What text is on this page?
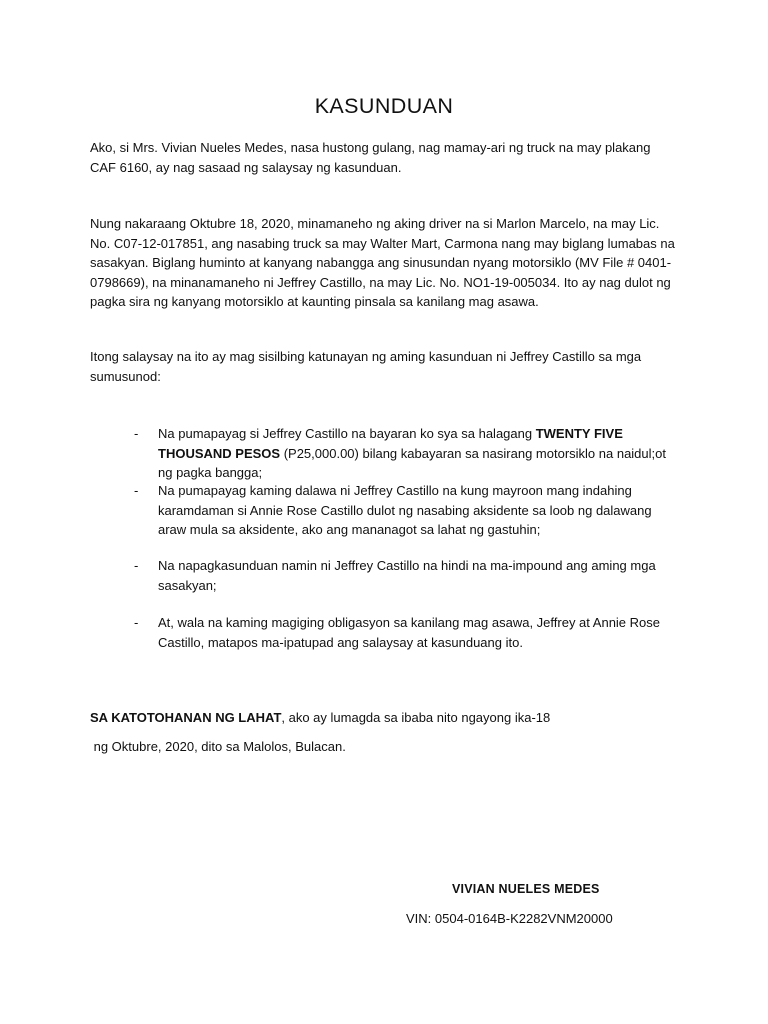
KASUNDUAN
Ako, si Mrs. Vivian Nueles Medes, nasa hustong gulang, nag mamay-ari ng truck na may plakang CAF 6160, ay nag sasaad ng salaysay ng kasunduan.
Nung nakaraang Oktubre 18, 2020, minamaneho ng aking driver na si Marlon Marcelo, na may Lic. No. C07-12-017851, ang nasabing truck sa may Walter Mart, Carmona nang may biglang lumabas na sasakyan. Biglang huminto at kanyang nabangga ang sinusundan nyang motorsiklo (MV File # 0401-0798669), na minanamaneho ni Jeffrey Castillo, na may Lic. No. NO1-19-005034. Ito ay nag dulot ng pagka sira ng kanyang motorsiklo at kaunting pinsala sa kanilang mag asawa.
Itong salaysay na ito ay mag sisilbing katunayan ng aming kasunduan ni Jeffrey Castillo sa mga sumusunod:
- Na pumapayag si Jeffrey Castillo na bayaran ko sya sa halagang TWENTY FIVE THOUSAND PESOS (P25,000.00) bilang kabayaran sa nasirang motorsiklo na naidul;ot ng pagka bangga;
- Na pumapayag kaming dalawa ni Jeffrey Castillo na kung mayroon mang indahing karamdaman si Annie Rose Castillo dulot ng nasabing aksidente sa loob ng dalawang araw mula sa aksidente, ako ang mananagot sa lahat ng gastuhin;
- Na napagkasunduan namin ni Jeffrey Castillo na hindi na ma-impound ang aming mga sasakyan;
- At, wala na kaming magiging obligasyon sa kanilang mag asawa, Jeffrey at Annie Rose Castillo, matapos ma-ipatupad ang salaysay at kasunduang ito.
SA KATOTOHANAN NG LAHAT, ako ay lumagda sa ibaba nito ngayong ika-18
ng Oktubre, 2020, dito sa Malolos, Bulacan.
VIVIAN NUELES MEDES
VIN: 0504-0164B-K2282VNM20000
